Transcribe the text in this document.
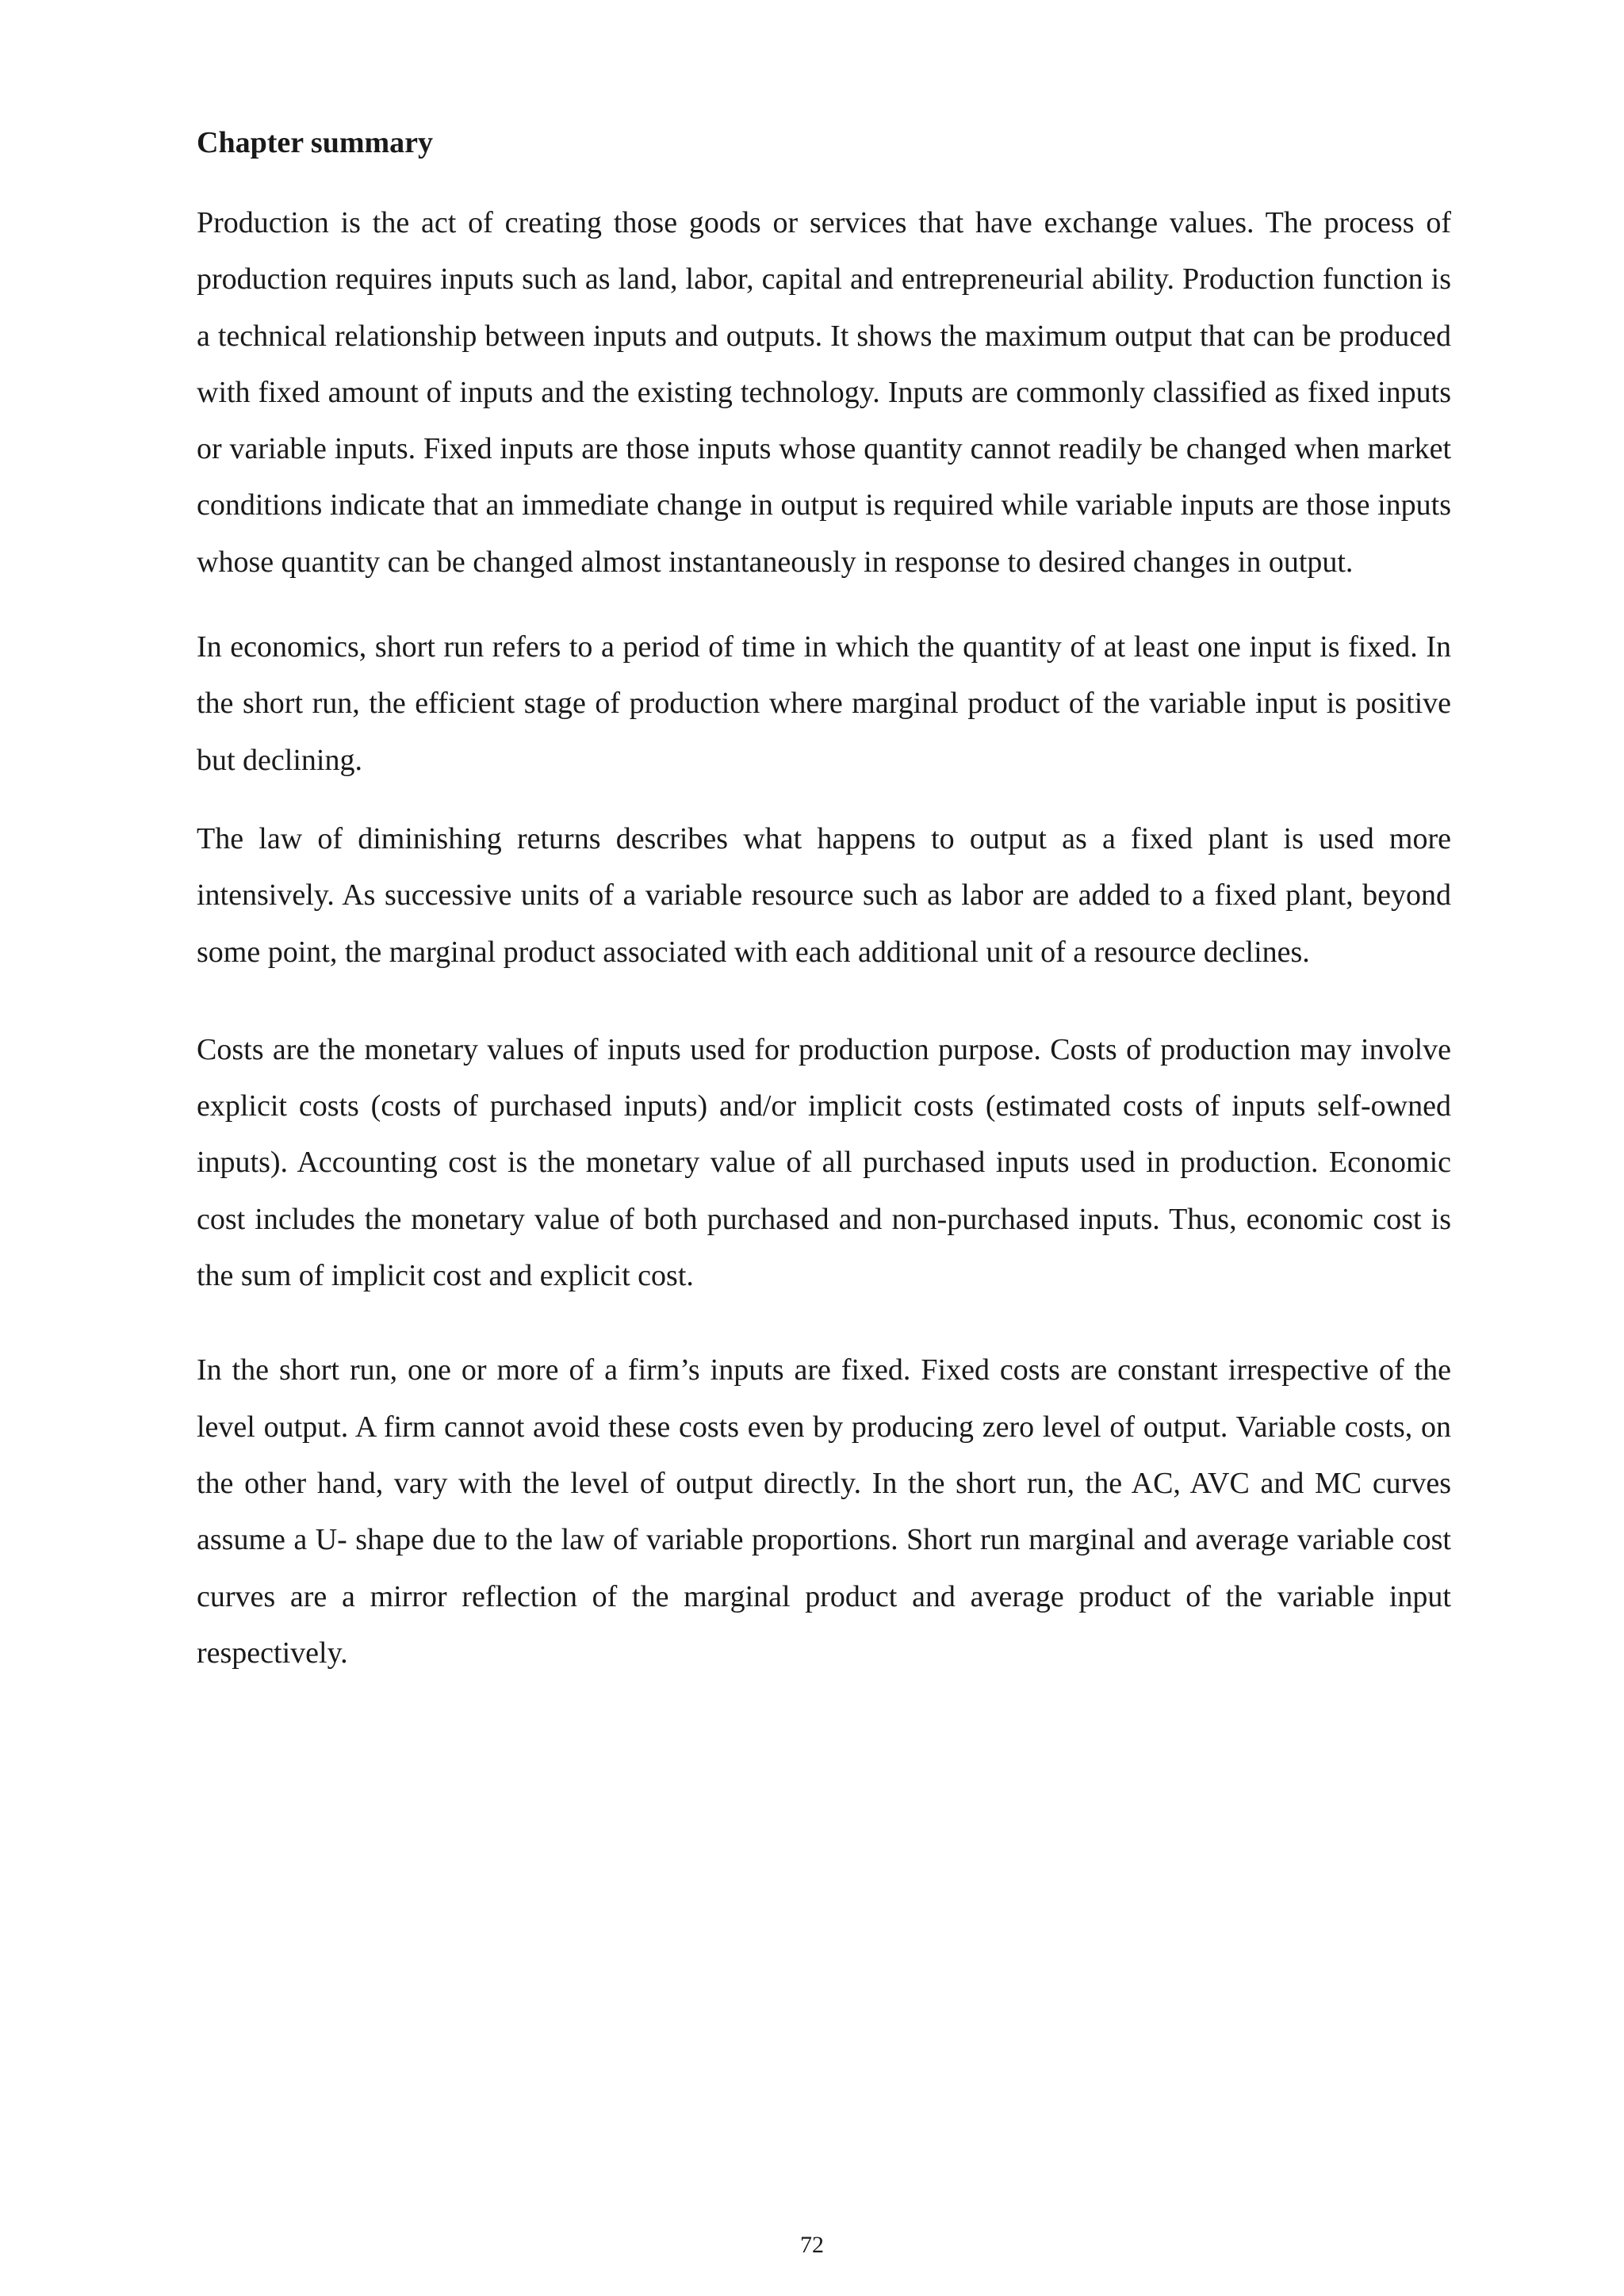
Chapter summary

Production is the act of creating those goods or services that have exchange values. The process of production requires inputs such as land, labor, capital and entrepreneurial ability. Production function is a technical relationship between inputs and outputs. It shows the maximum output that can be produced with fixed amount of inputs and the existing technology. Inputs are commonly classified as fixed inputs or variable inputs. Fixed inputs are those inputs whose quantity cannot readily be changed when market conditions indicate that an immediate change in output is required while variable inputs are those inputs whose quantity can be changed almost instantaneously in response to desired changes in output.

In economics, short run refers to a period of time in which the quantity of at least one input is fixed. In the short run, the efficient stage of production where marginal product of the variable input is positive but declining.

The law of diminishing returns describes what happens to output as a fixed plant is used more intensively. As successive units of a variable resource such as labor are added to a fixed plant, beyond some point, the marginal product associated with each additional unit of a resource declines.

Costs are the monetary values of inputs used for production purpose. Costs of production may involve explicit costs (costs of purchased inputs) and/or implicit costs (estimated costs of inputs self-owned inputs). Accounting cost is the monetary value of all purchased inputs used in production. Economic cost includes the monetary value of both purchased and non-purchased inputs. Thus, economic cost is the sum of implicit cost and explicit cost.

In the short run, one or more of a firm’s inputs are fixed. Fixed costs are constant irrespective of the level output. A firm cannot avoid these costs even by producing zero level of output. Variable costs, on the other hand, vary with the level of output directly. In the short run, the AC, AVC and MC curves assume a U- shape due to the law of variable proportions. Short run marginal and average variable cost curves are a mirror reflection of the marginal product and average product of the variable input respectively.

72
